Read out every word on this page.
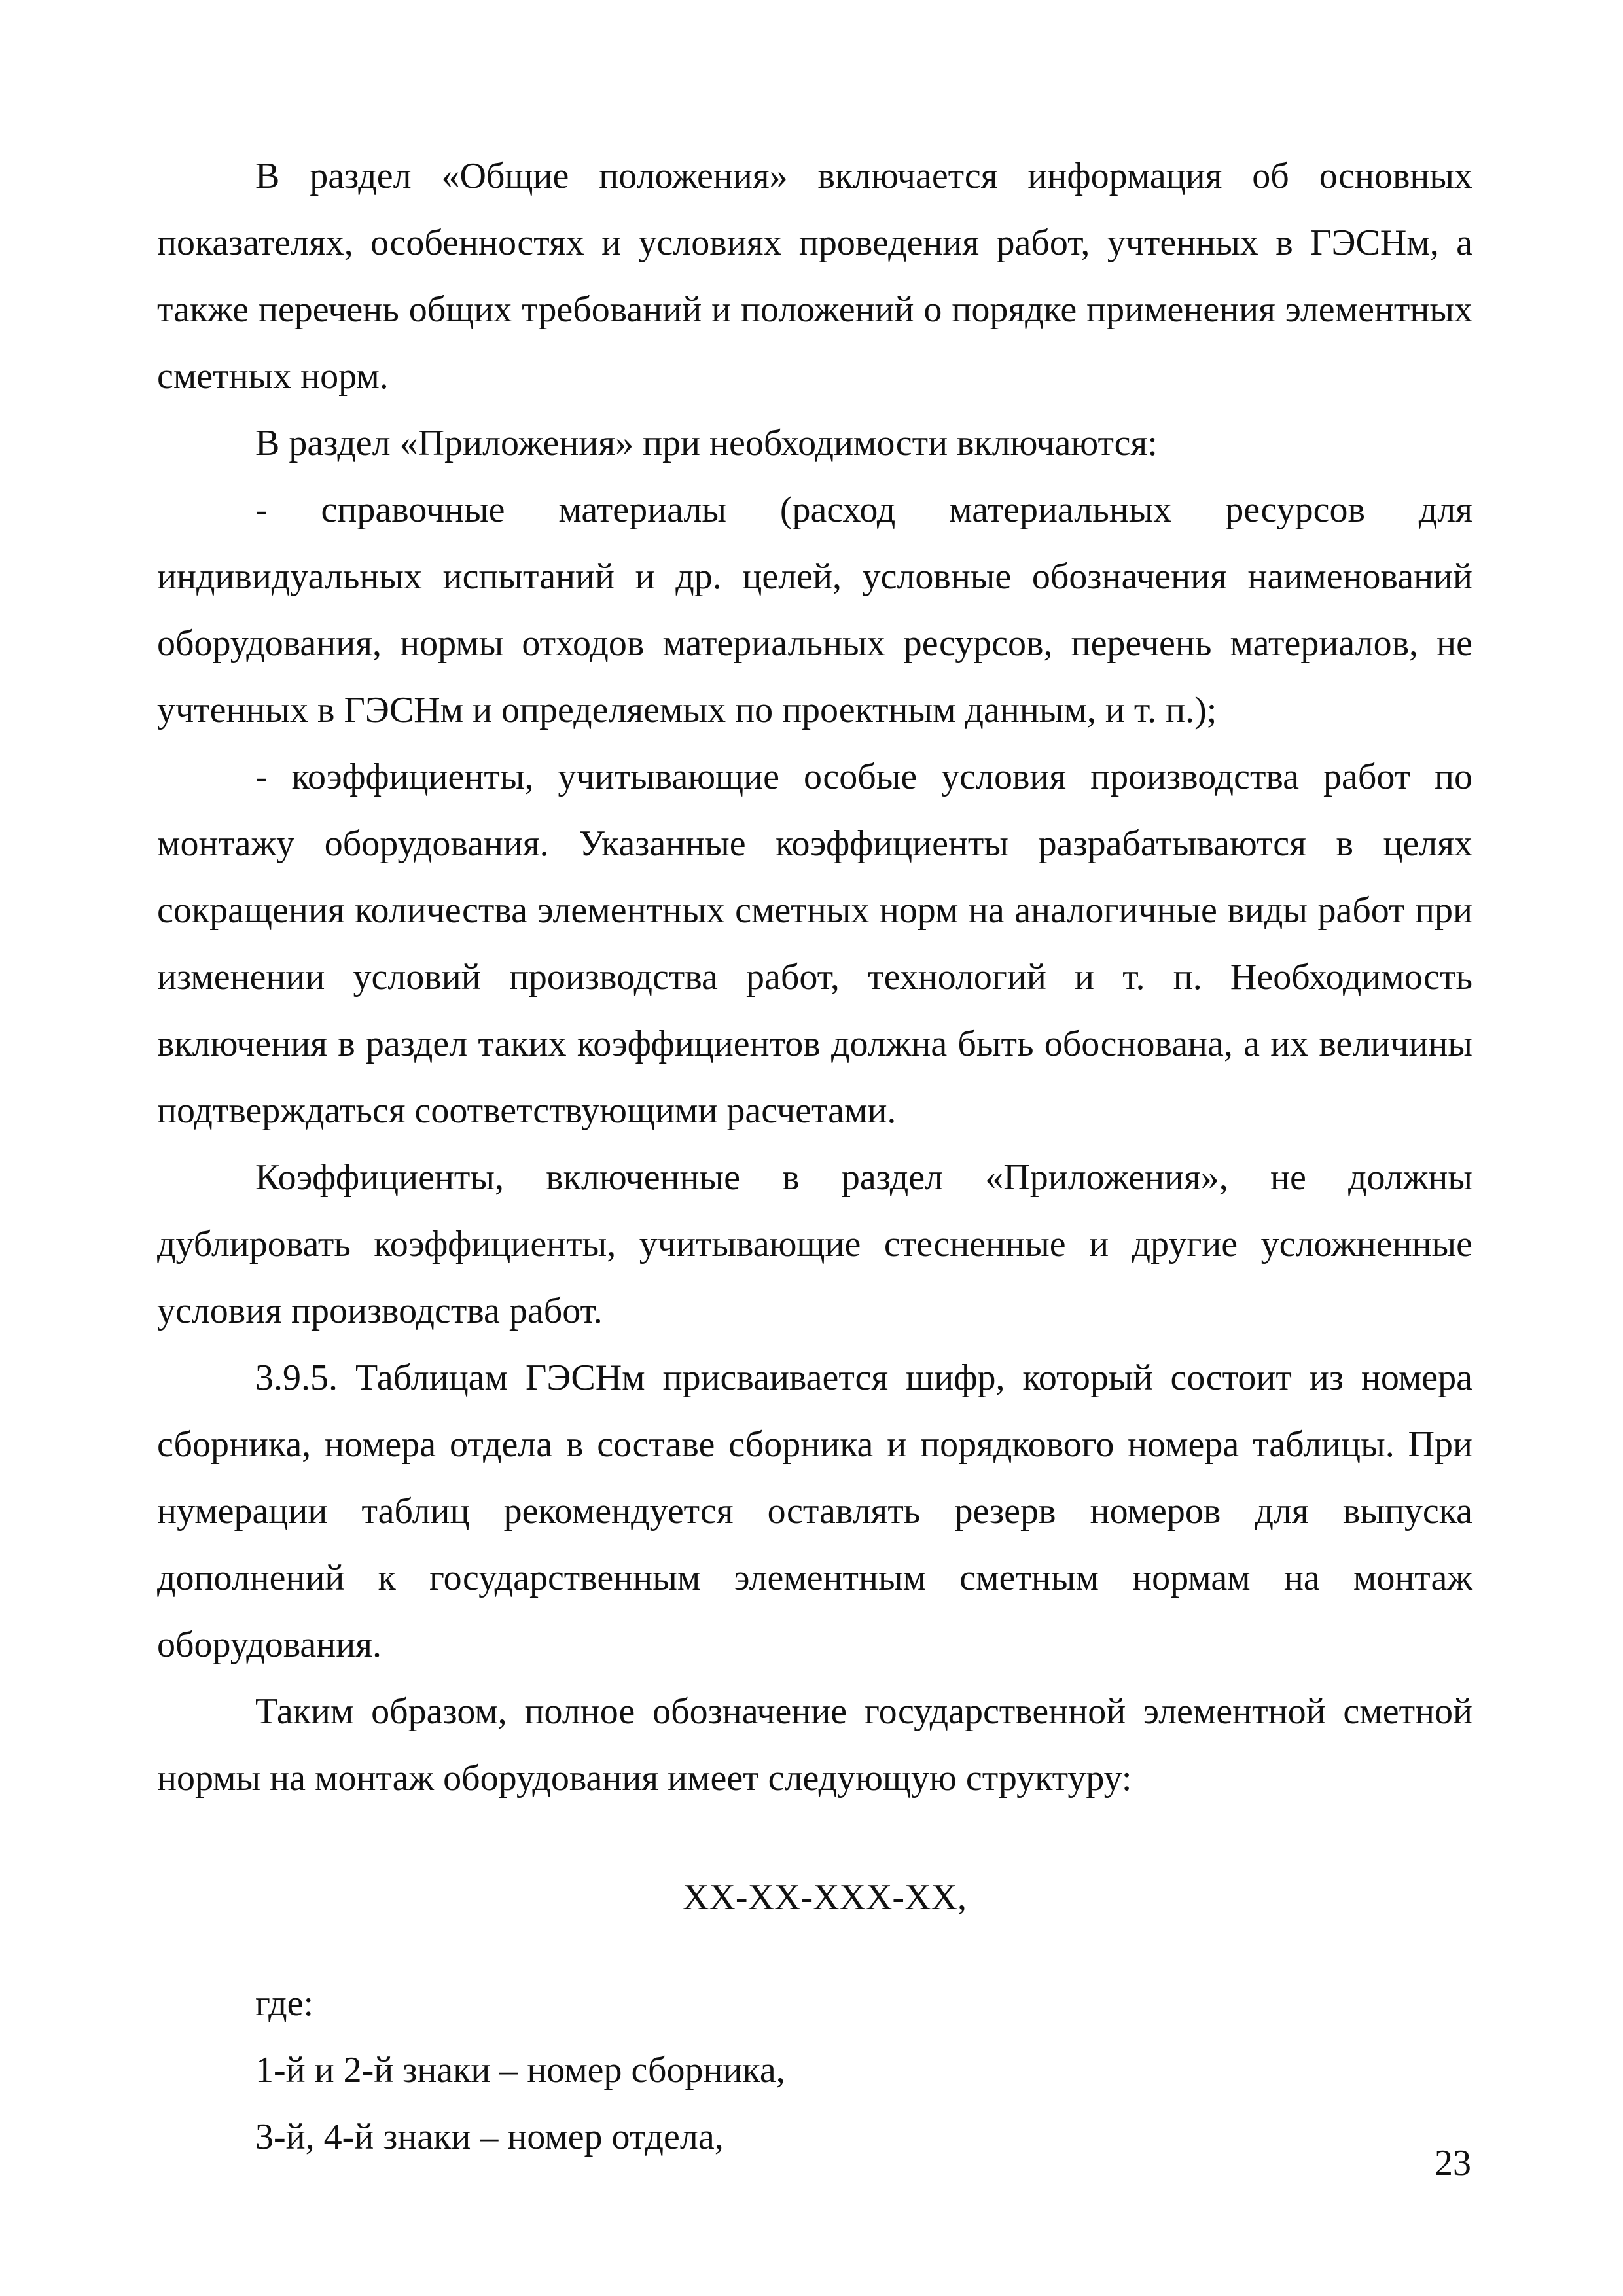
В раздел «Общие положения» включается информация об основных показателях, особенностях и условиях проведения работ, учтенных в ГЭСНм, а также перечень общих требований и положений о порядке применения элементных сметных норм.

В раздел «Приложения» при необходимости включаются:

- справочные материалы (расход материальных ресурсов для индивидуальных испытаний и др. целей, условные обозначения наименований оборудования, нормы отходов материальных ресурсов, перечень материалов, не учтенных в ГЭСНм и определяемых по проектным данным, и т. п.);

- коэффициенты, учитывающие особые условия производства работ по монтажу оборудования. Указанные коэффициенты разрабатываются в целях сокращения количества элементных сметных норм на аналогичные виды работ при изменении условий производства работ, технологий и т. п. Необходимость включения в раздел таких коэффициентов должна быть обоснована, а их величины подтверждаться соответствующими расчетами.

Коэффициенты, включенные в раздел «Приложения», не должны дублировать коэффициенты, учитывающие стесненные и другие усложненные условия производства работ.

3.9.5. Таблицам ГЭСНм присваивается шифр, который состоит из номера сборника, номера отдела в составе сборника и порядкового номера таблицы. При нумерации таблиц рекомендуется оставлять резерв номеров для выпуска дополнений к государственным элементным сметным нормам на монтаж оборудования.

Таким образом, полное обозначение государственной элементной сметной нормы на монтаж оборудования имеет следующую структуру:

ХХ-ХХ-ХХХ-ХХ,

где:

1-й и 2-й знаки – номер сборника,

3-й, 4-й знаки – номер отдела,

23
